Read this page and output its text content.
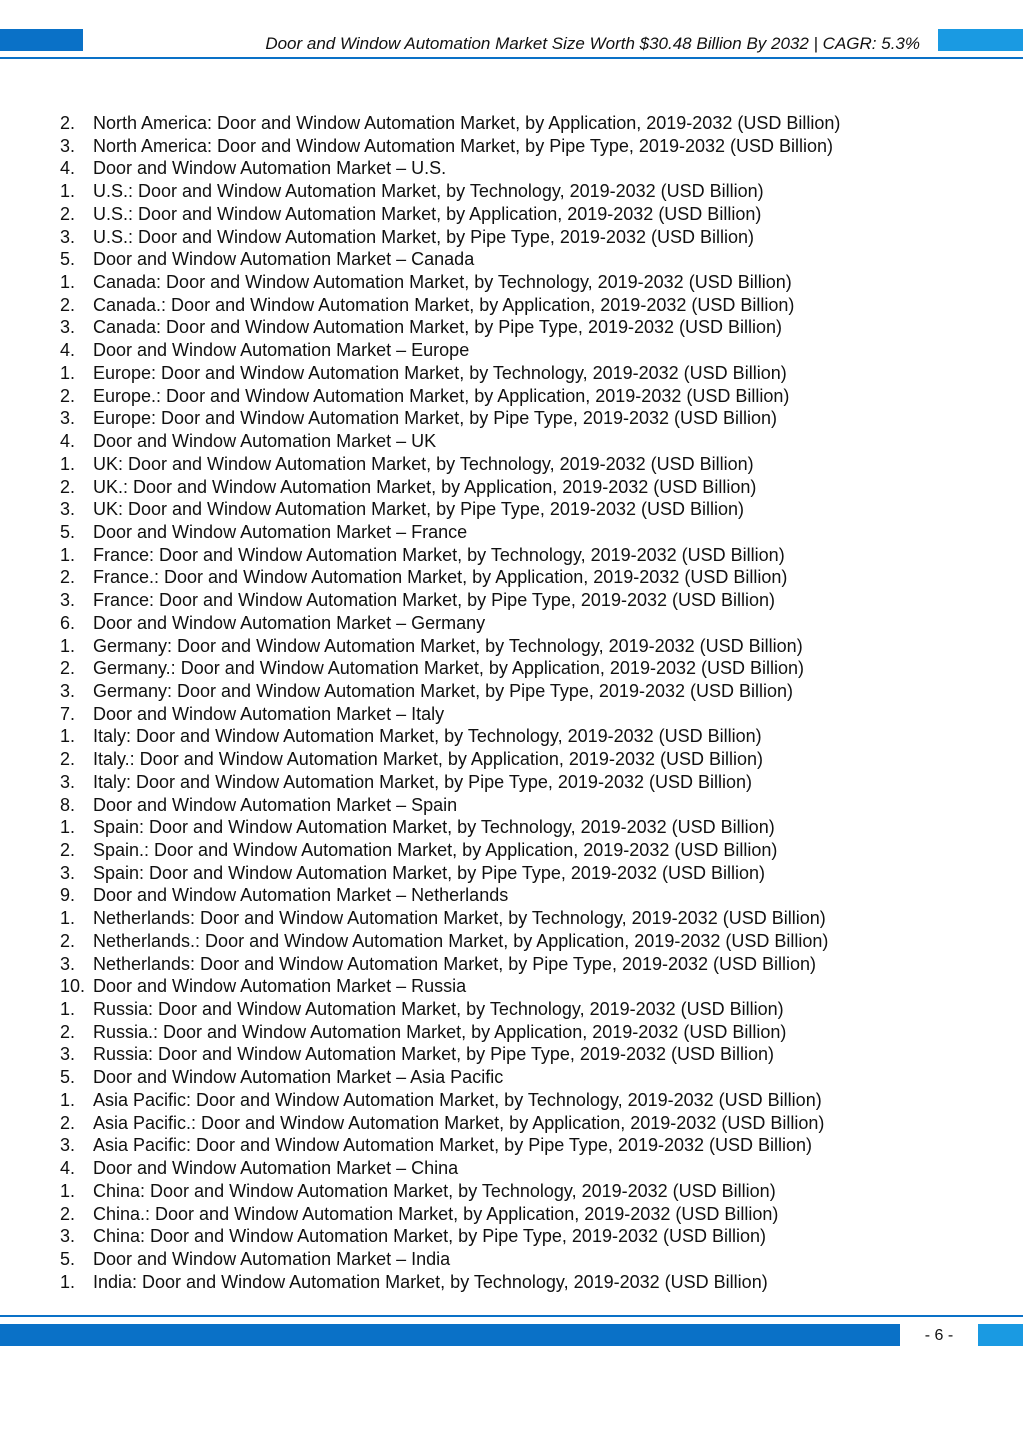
Door and Window Automation Market Size Worth $30.48 Billion By 2032 | CAGR: 5.3%
2. North America: Door and Window Automation Market, by Application, 2019-2032 (USD Billion)
3. North America: Door and Window Automation Market, by Pipe Type, 2019-2032 (USD Billion)
4. Door and Window Automation Market – U.S.
1. U.S.: Door and Window Automation Market, by Technology, 2019-2032 (USD Billion)
2. U.S.: Door and Window Automation Market, by Application, 2019-2032 (USD Billion)
3. U.S.: Door and Window Automation Market, by Pipe Type, 2019-2032 (USD Billion)
5. Door and Window Automation Market – Canada
1. Canada: Door and Window Automation Market, by Technology, 2019-2032 (USD Billion)
2. Canada.: Door and Window Automation Market, by Application, 2019-2032 (USD Billion)
3. Canada: Door and Window Automation Market, by Pipe Type, 2019-2032 (USD Billion)
4. Door and Window Automation Market – Europe
1. Europe: Door and Window Automation Market, by Technology, 2019-2032 (USD Billion)
2. Europe.: Door and Window Automation Market, by Application, 2019-2032 (USD Billion)
3. Europe: Door and Window Automation Market, by Pipe Type, 2019-2032 (USD Billion)
4. Door and Window Automation Market – UK
1. UK: Door and Window Automation Market, by Technology, 2019-2032 (USD Billion)
2. UK.: Door and Window Automation Market, by Application, 2019-2032 (USD Billion)
3. UK: Door and Window Automation Market, by Pipe Type, 2019-2032 (USD Billion)
5. Door and Window Automation Market – France
1. France: Door and Window Automation Market, by Technology, 2019-2032 (USD Billion)
2. France.: Door and Window Automation Market, by Application, 2019-2032 (USD Billion)
3. France: Door and Window Automation Market, by Pipe Type, 2019-2032 (USD Billion)
6. Door and Window Automation Market – Germany
1. Germany: Door and Window Automation Market, by Technology, 2019-2032 (USD Billion)
2. Germany.: Door and Window Automation Market, by Application, 2019-2032 (USD Billion)
3. Germany: Door and Window Automation Market, by Pipe Type, 2019-2032 (USD Billion)
7. Door and Window Automation Market – Italy
1. Italy: Door and Window Automation Market, by Technology, 2019-2032 (USD Billion)
2. Italy.: Door and Window Automation Market, by Application, 2019-2032 (USD Billion)
3. Italy: Door and Window Automation Market, by Pipe Type, 2019-2032 (USD Billion)
8. Door and Window Automation Market – Spain
1. Spain: Door and Window Automation Market, by Technology, 2019-2032 (USD Billion)
2. Spain.: Door and Window Automation Market, by Application, 2019-2032 (USD Billion)
3. Spain: Door and Window Automation Market, by Pipe Type, 2019-2032 (USD Billion)
9. Door and Window Automation Market – Netherlands
1. Netherlands: Door and Window Automation Market, by Technology, 2019-2032 (USD Billion)
2. Netherlands.: Door and Window Automation Market, by Application, 2019-2032 (USD Billion)
3. Netherlands: Door and Window Automation Market, by Pipe Type, 2019-2032 (USD Billion)
10. Door and Window Automation Market – Russia
1. Russia: Door and Window Automation Market, by Technology, 2019-2032 (USD Billion)
2. Russia.: Door and Window Automation Market, by Application, 2019-2032 (USD Billion)
3. Russia: Door and Window Automation Market, by Pipe Type, 2019-2032 (USD Billion)
5. Door and Window Automation Market – Asia Pacific
1. Asia Pacific: Door and Window Automation Market, by Technology, 2019-2032 (USD Billion)
2. Asia Pacific.: Door and Window Automation Market, by Application, 2019-2032 (USD Billion)
3. Asia Pacific: Door and Window Automation Market, by Pipe Type, 2019-2032 (USD Billion)
4. Door and Window Automation Market – China
1. China: Door and Window Automation Market, by Technology, 2019-2032 (USD Billion)
2. China.: Door and Window Automation Market, by Application, 2019-2032 (USD Billion)
3. China: Door and Window Automation Market, by Pipe Type, 2019-2032 (USD Billion)
5. Door and Window Automation Market – India
1. India: Door and Window Automation Market, by Technology, 2019-2032 (USD Billion)
- 6 -
